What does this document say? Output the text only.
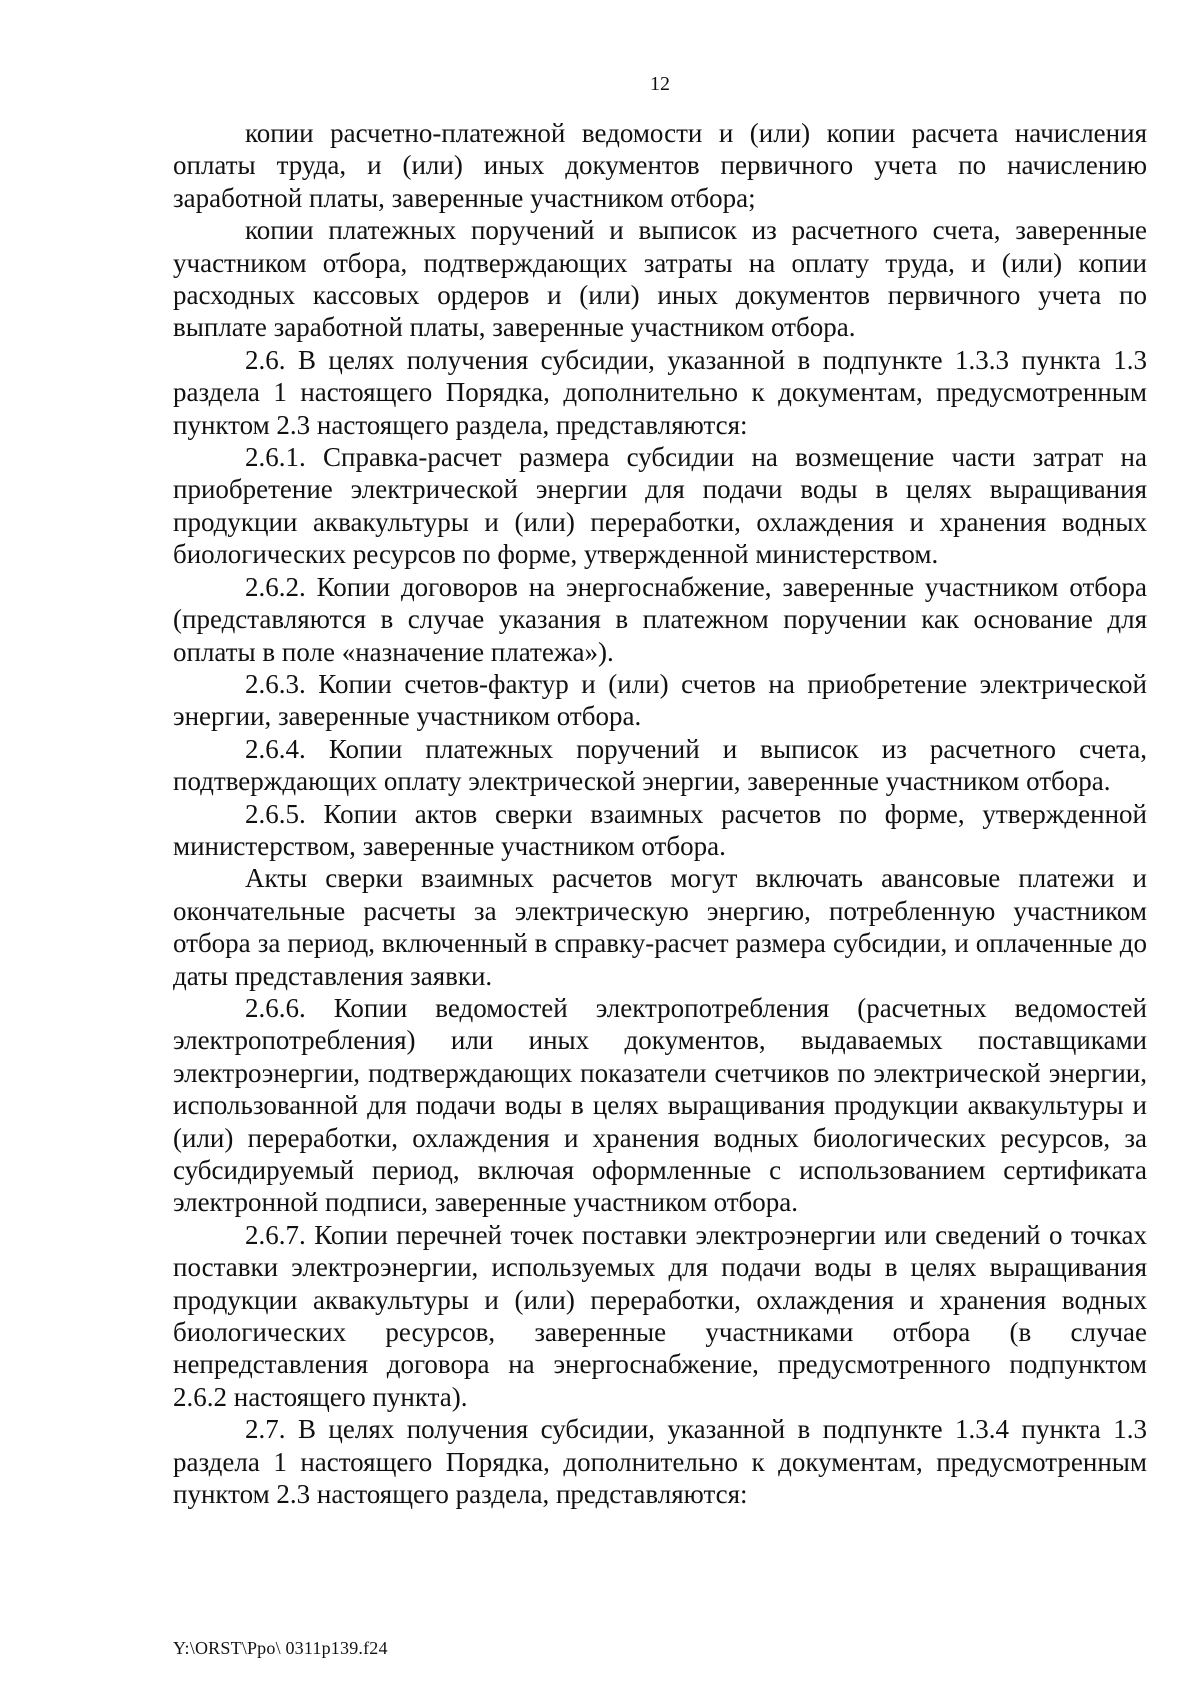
12

копии расчетно-платежной ведомости и (или) копии расчета начисления оплаты труда, и (или) иных документов первичного учета по начислению заработной платы, заверенные участником отбора;

копии платежных поручений и выписок из расчетного счета, заверенные участником отбора, подтверждающих затраты на оплату труда, и (или) копии расходных кассовых ордеров и (или) иных документов первичного учета по выплате заработной платы, заверенные участником отбора.

2.6. В целях получения субсидии, указанной в подпункте 1.3.3 пункта 1.3 раздела 1 настоящего Порядка, дополнительно к документам, предусмотренным пунктом 2.3 настоящего раздела, представляются:

2.6.1. Справка-расчет размера субсидии на возмещение части затрат на приобретение электрической энергии для подачи воды в целях выращивания продукции аквакультуры и (или) переработки, охлаждения и хранения водных биологических ресурсов по форме, утвержденной министерством.

2.6.2. Копии договоров на энергоснабжение, заверенные участником отбора (представляются в случае указания в платежном поручении как основание для оплаты в поле «назначение платежа»).

2.6.3. Копии счетов-фактур и (или) счетов на приобретение электрической энергии, заверенные участником отбора.

2.6.4. Копии платежных поручений и выписок из расчетного счета, подтверждающих оплату электрической энергии, заверенные участником отбора.

2.6.5. Копии актов сверки взаимных расчетов по форме, утвержденной министерством, заверенные участником отбора.

Акты сверки взаимных расчетов могут включать авансовые платежи и окончательные расчеты за электрическую энергию, потребленную участником отбора за период, включенный в справку-расчет размера субсидии, и оплаченные до даты представления заявки.

2.6.6. Копии ведомостей электропотребления (расчетных ведомостей электропотребления) или иных документов, выдаваемых поставщиками электроэнергии, подтверждающих показатели счетчиков по электрической энергии, использованной для подачи воды в целях выращивания продукции аквакультуры и (или) переработки, охлаждения и хранения водных биологических ресурсов, за субсидируемый период, включая оформленные с использованием сертификата электронной подписи, заверенные участником отбора.

2.6.7. Копии перечней точек поставки электроэнергии или сведений о точках поставки электроэнергии, используемых для подачи воды в целях выращивания продукции аквакультуры и (или) переработки, охлаждения и хранения водных биологических ресурсов, заверенные участниками отбора (в случае непредставления договора на энергоснабжение, предусмотренного подпунктом 2.6.2 настоящего пункта).

2.7. В целях получения субсидии, указанной в подпункте 1.3.4 пункта 1.3 раздела 1 настоящего Порядка, дополнительно к документам, предусмотренным пунктом 2.3 настоящего раздела, представляются:

Y:\ORST\Ppo\ 0311p139.f24
